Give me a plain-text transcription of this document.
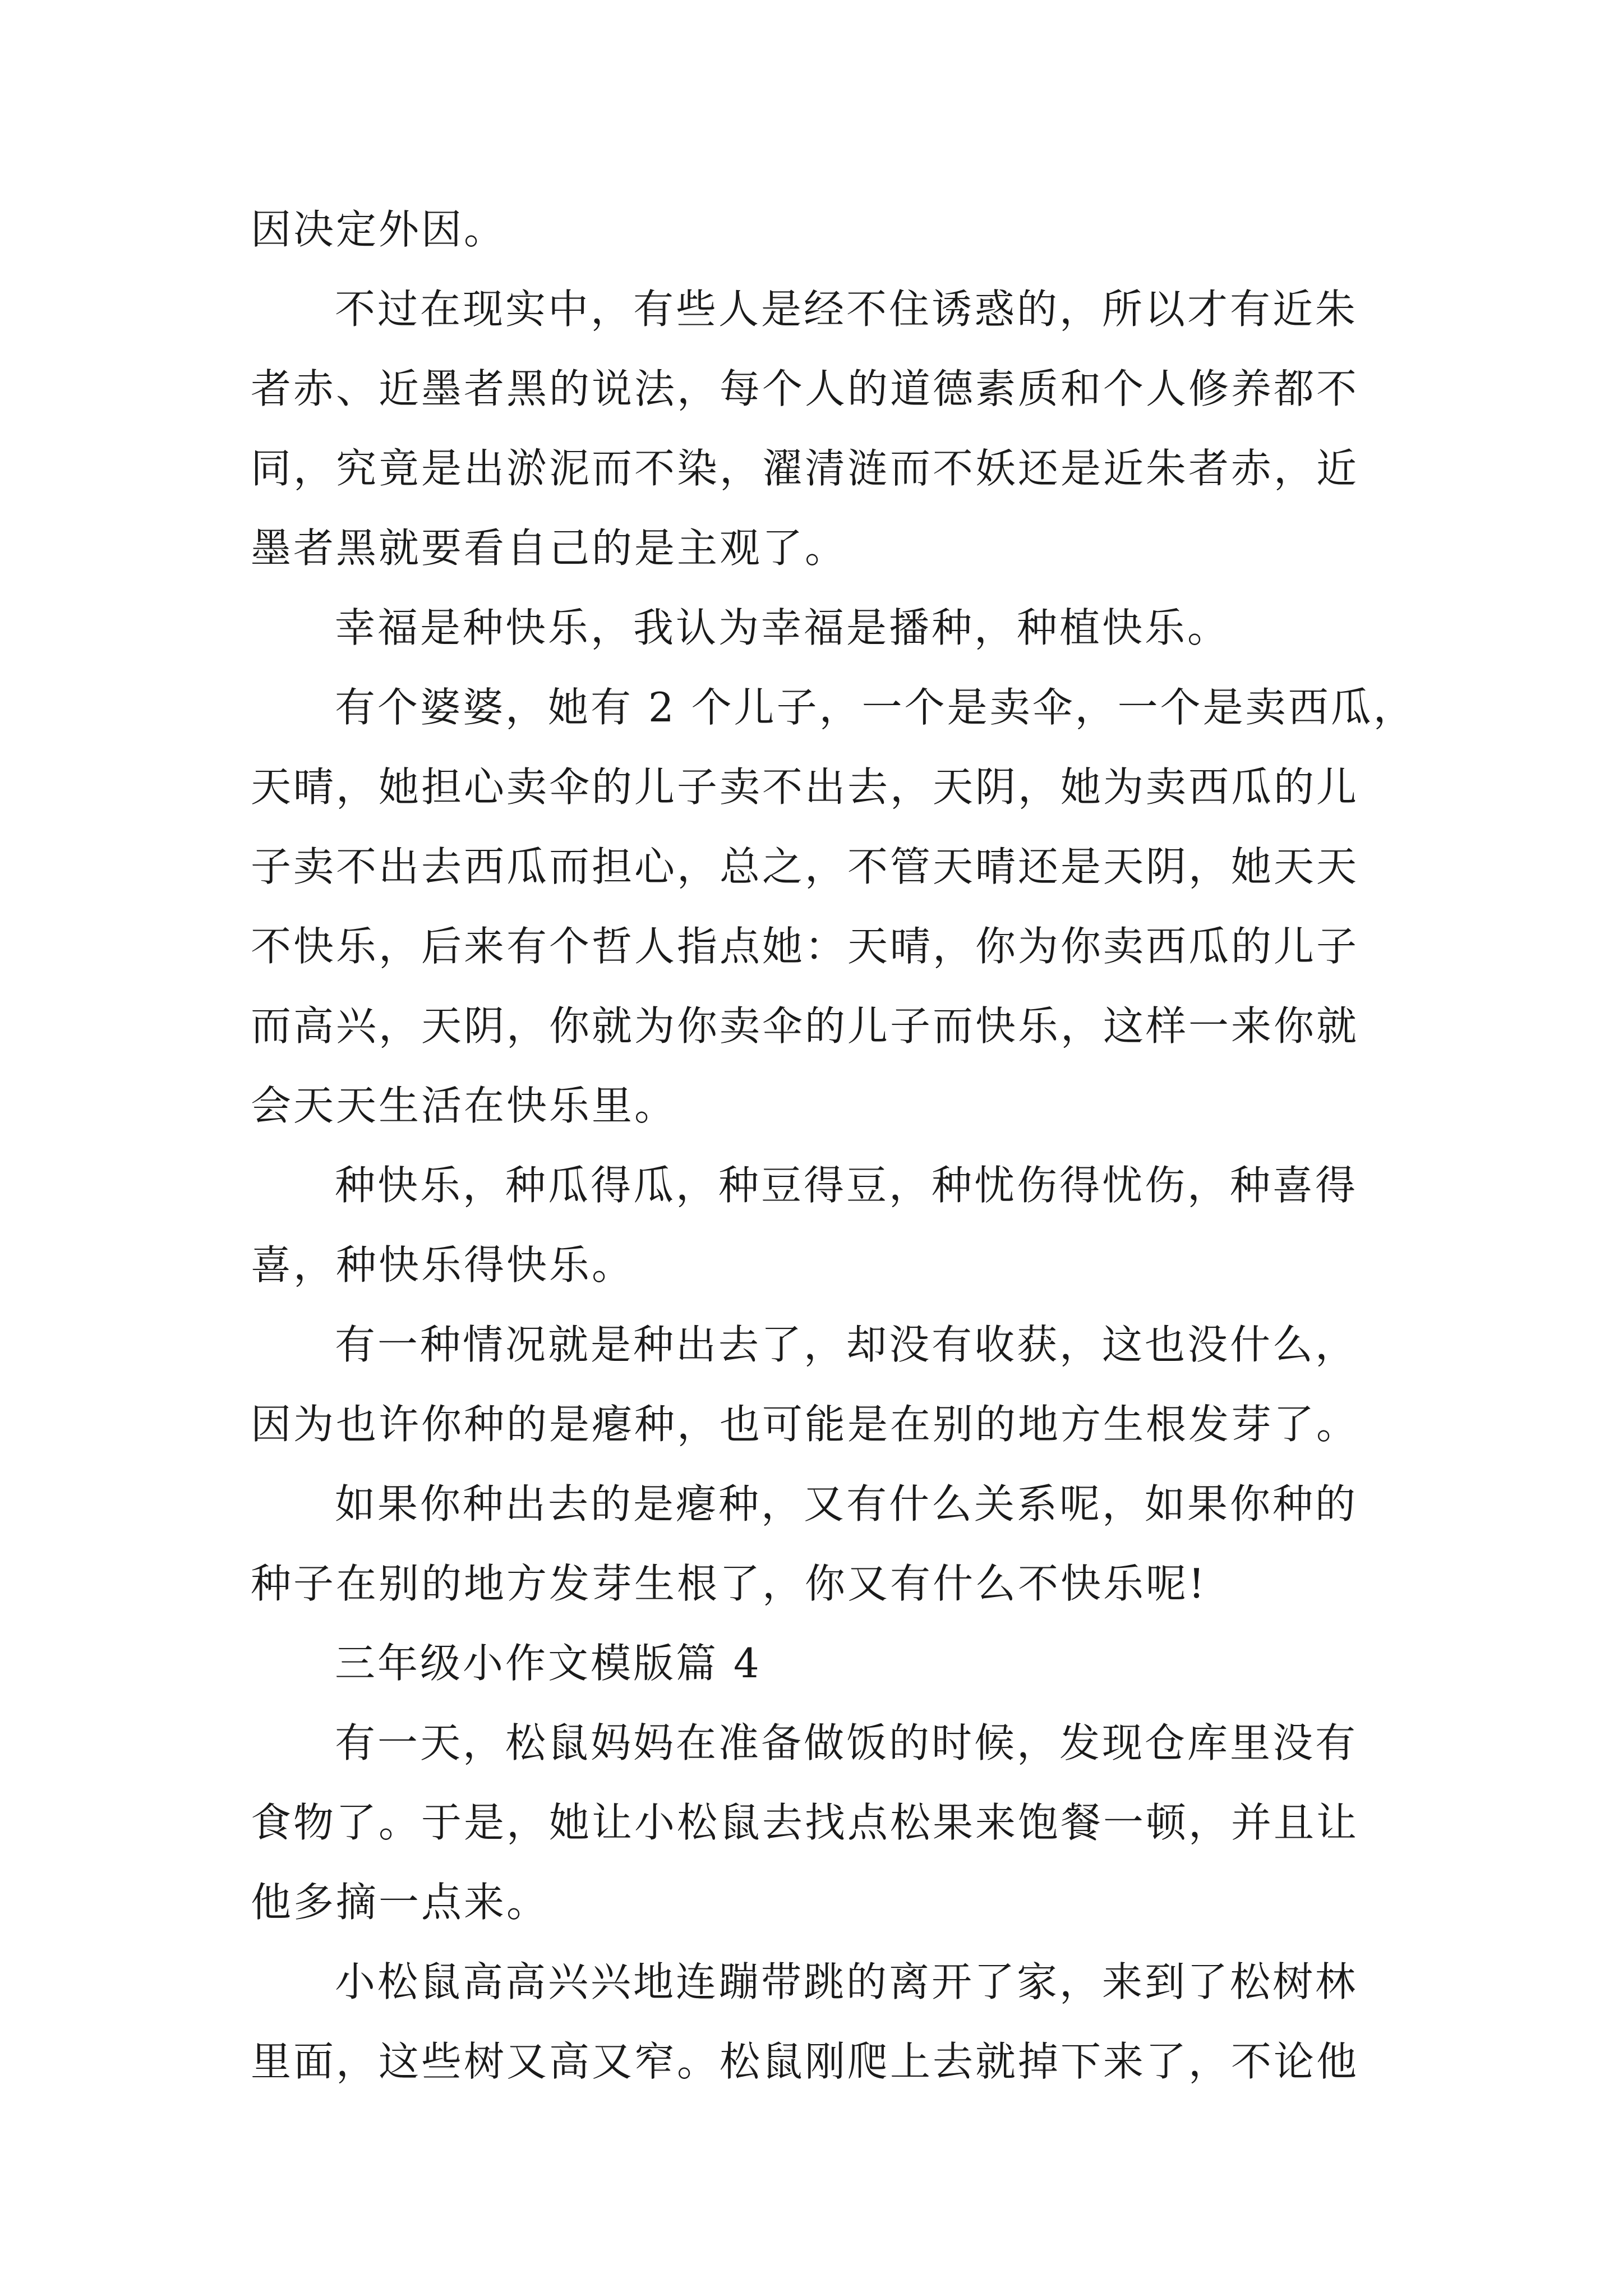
因决定外因。
不过在现实中，有些人是经不住诱惑的，所以才有近朱
者赤、近墨者黑的说法，每个人的道德素质和个人修养都不
同，究竟是出淤泥而不染，濯清涟而不妖还是近朱者赤，近
墨者黑就要看自己的是主观了。
幸福是种快乐，我认为幸福是播种，种植快乐。
有个婆婆，她有 2 个儿子，一个是卖伞，一个是卖西瓜，
天晴，她担心卖伞的儿子卖不出去，天阴，她为卖西瓜的儿
子卖不出去西瓜而担心，总之，不管天晴还是天阴，她天天
不快乐，后来有个哲人指点她：天晴，你为你卖西瓜的儿子
而高兴，天阴，你就为你卖伞的儿子而快乐，这样一来你就
会天天生活在快乐里。
种快乐，种瓜得瓜，种豆得豆，种忧伤得忧伤，种喜得
喜，种快乐得快乐。
有一种情况就是种出去了，却没有收获，这也没什么，
因为也许你种的是瘪种，也可能是在别的地方生根发芽了。
如果你种出去的是瘪种，又有什么关系呢，如果你种的
种子在别的地方发芽生根了，你又有什么不快乐呢!
三年级小作文模版篇 4
有一天，松鼠妈妈在准备做饭的时候，发现仓库里没有
食物了。于是，她让小松鼠去找点松果来饱餐一顿，并且让
他多摘一点来。
小松鼠高高兴兴地连蹦带跳的离开了家，来到了松树林
里面，这些树又高又窄。松鼠刚爬上去就掉下来了，不论他
